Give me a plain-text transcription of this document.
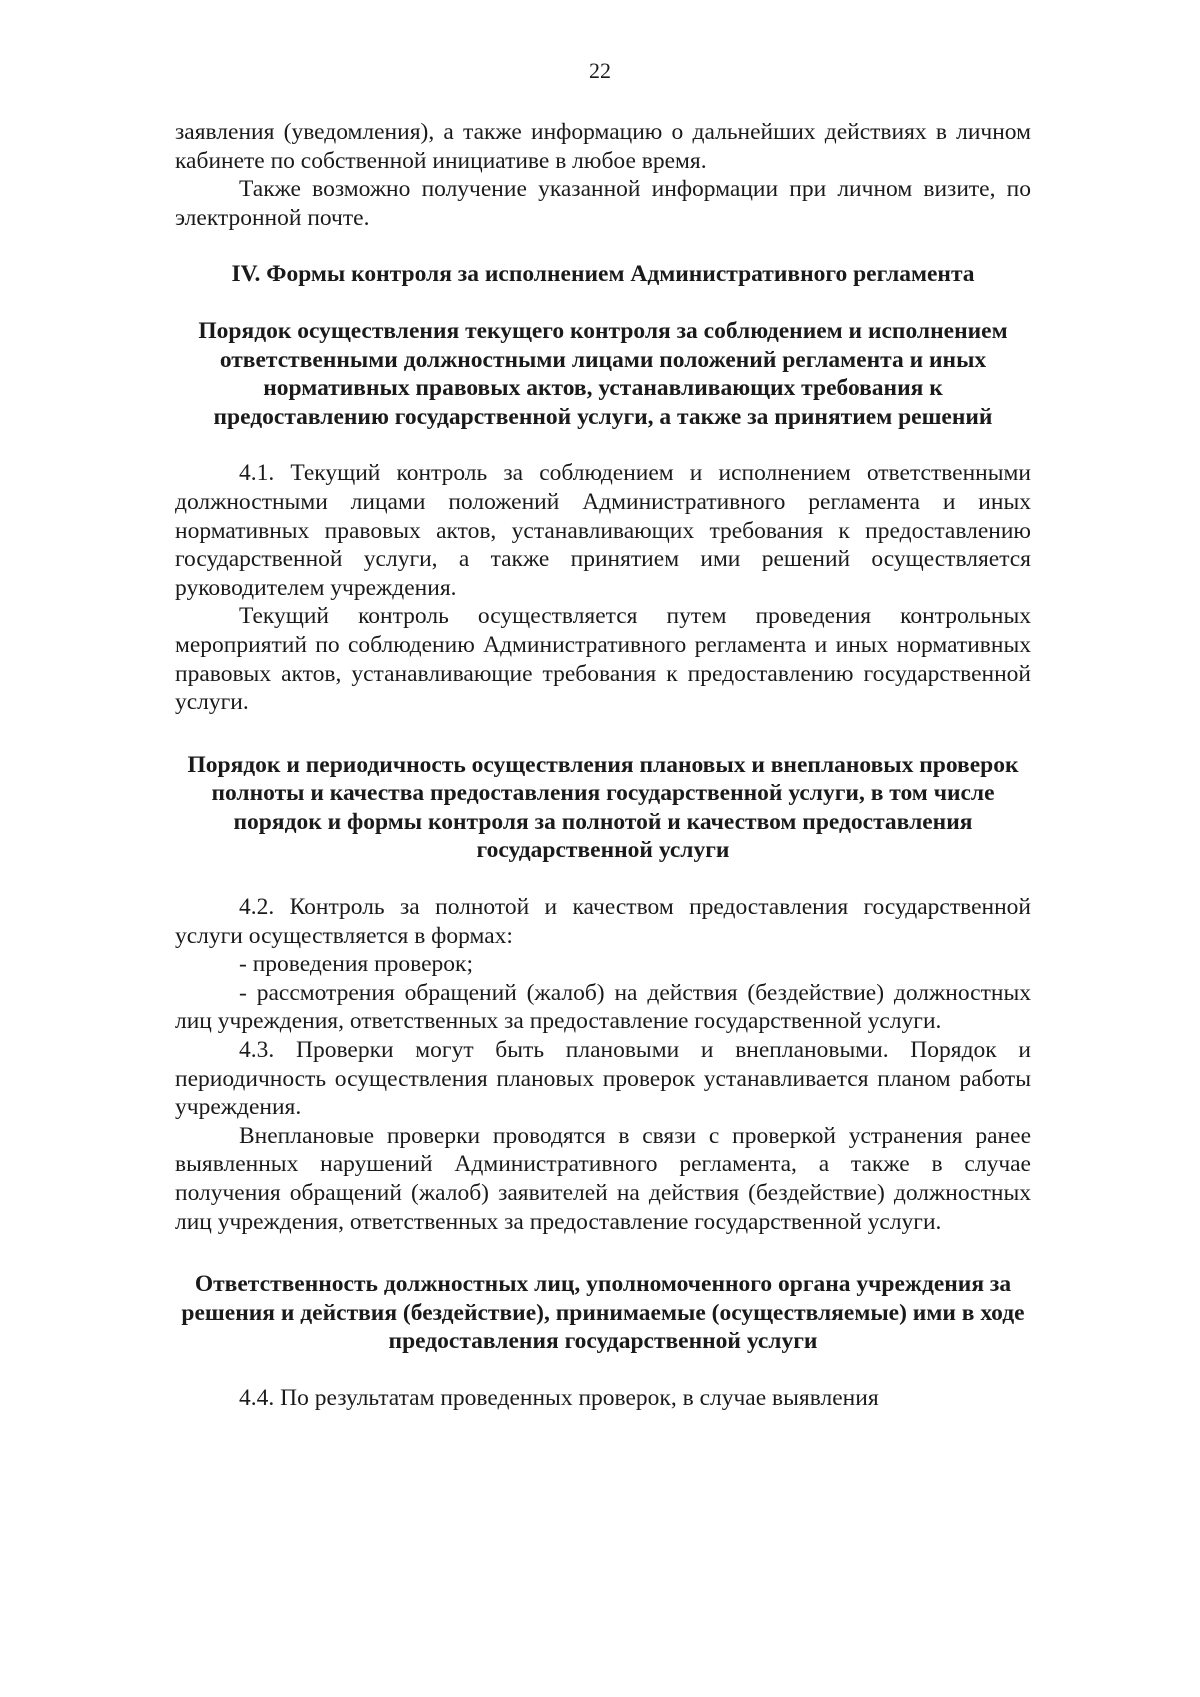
22

заявления (уведомления), а также информацию о дальнейших действиях в личном кабинете по собственной инициативе в любое время.

Также возможно получение указанной информации при личном визите, по электронной почте.

IV. Формы контроля за исполнением Административного регламента

Порядок осуществления текущего контроля за соблюдением и исполнением ответственными должностными лицами положений регламента и иных нормативных правовых актов, устанавливающих требования к предоставлению государственной услуги, а также за принятием решений

4.1. Текущий контроль за соблюдением и исполнением ответственными должностными лицами положений Административного регламента и иных нормативных правовых актов, устанавливающих требования к предоставлению государственной услуги, а также принятием ими решений осуществляется руководителем учреждения.

Текущий контроль осуществляется путем проведения контрольных мероприятий по соблюдению Административного регламента и иных нормативных правовых актов, устанавливающие требования к предоставлению государственной услуги.

Порядок и периодичность осуществления плановых и внеплановых проверок полноты и качества предоставления государственной услуги, в том числе порядок и формы контроля за полнотой и качеством предоставления государственной услуги

4.2. Контроль за полнотой и качеством предоставления государственной услуги осуществляется в формах:

- проведения проверок;

- рассмотрения обращений (жалоб) на действия (бездействие) должностных лиц учреждения, ответственных за предоставление государственной услуги.

4.3. Проверки могут быть плановыми и внеплановыми. Порядок и периодичность осуществления плановых проверок устанавливается планом работы учреждения.

Внеплановые проверки проводятся в связи с проверкой устранения ранее выявленных нарушений Административного регламента, а также в случае получения обращений (жалоб) заявителей на действия (бездействие) должностных лиц учреждения, ответственных за предоставление государственной услуги.

Ответственность должностных лиц, уполномоченного органа учреждения за решения и действия (бездействие), принимаемые (осуществляемые) ими в ходе предоставления государственной услуги

4.4. По результатам проведенных проверок, в случае выявления
